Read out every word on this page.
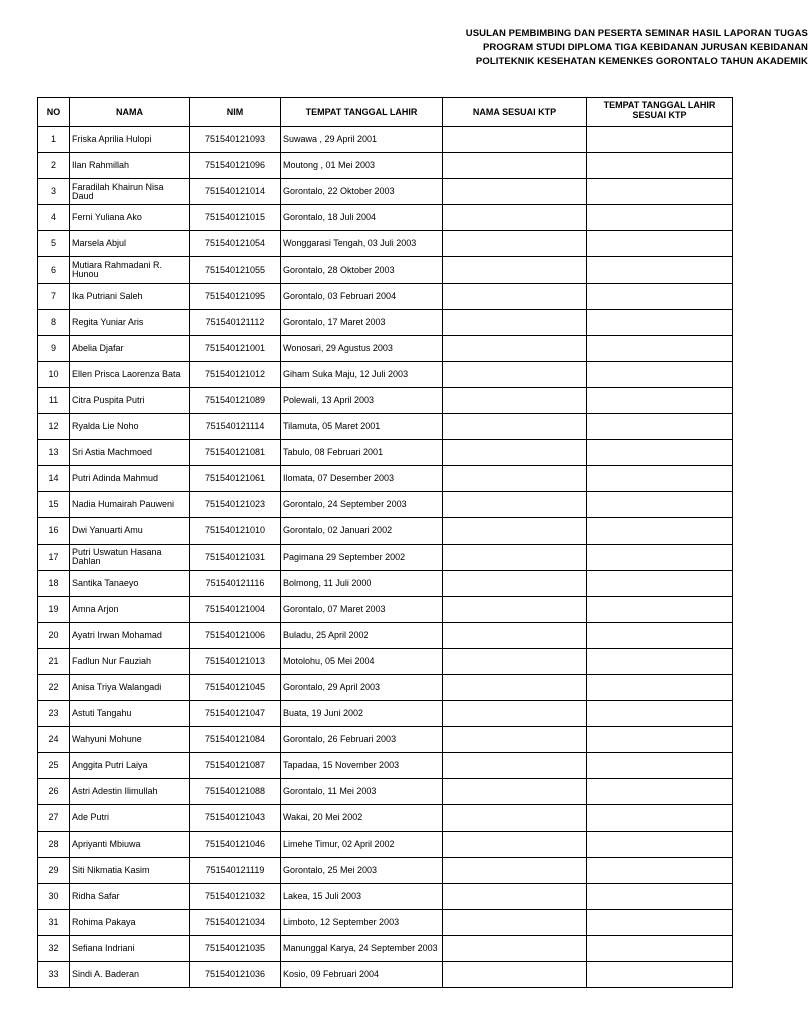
USULAN PEMBIMBING DAN PESERTA SEMINAR HASIL LAPORAN TUGAS
PROGRAM STUDI DIPLOMA TIGA KEBIDANAN JURUSAN KEBIDANAN
POLITEKNIK KESEHATAN KEMENKES GORONTALO TAHUN AKADEMIK
NO	NAMA	NIM	TEMPAT TANGGAL LAHIR	NAMA SESUAI KTP	TEMPAT TANGGAL LAHIR SESUAI KTP
1	Friska Aprilia Hulopi	751540121093	Suwawa , 29 April 2001		
2	Ilan Rahmillah	751540121096	Moutong , 01 Mei 2003		
3	Faradilah Khairun Nisa Daud	751540121014	Gorontalo, 22 Oktober 2003		
4	Ferni Yuliana Ako	751540121015	Gorontalo, 18 Juli 2004		
5	Marsela Abjul	751540121054	Wonggarasi Tengah, 03 Juli 2003		
6	Mutiara Rahmadani R. Hunou	751540121055	Gorontalo, 28 Oktober 2003		
7	Ika Putriani Saleh	751540121095	Gorontalo, 03 Februari 2004		
8	Regita Yuniar Aris	751540121112	Gorontalo, 17 Maret 2003		
9	Abelia Djafar	751540121001	Wonosari, 29 Agustus 2003		
10	Ellen Prisca Laorenza Bata	751540121012	Giham Suka Maju, 12 Juli 2003		
11	Citra Puspita Putri	751540121089	Polewali, 13 April 2003		
12	Ryalda Lie Noho	751540121114	Tilamuta, 05 Maret 2001		
13	Sri Astia Machmoed	751540121081	Tabulo, 08 Februari 2001		
14	Putri Adinda Mahmud	751540121061	Ilomata, 07 Desember 2003		
15	Nadia Humairah Pauweni	751540121023	Gorontalo, 24 September 2003		
16	Dwi Yanuarti Amu	751540121010	Gorontalo, 02 Januari 2002		
17	Putri Uswatun Hasana Dahlan	751540121031	Pagimana 29 September 2002		
18	Santika Tanaeyo	751540121116	Bolmong, 11 Juli 2000		
19	Amna Arjon	751540121004	Gorontalo, 07 Maret 2003		
20	Ayatri Irwan Mohamad	751540121006	Buladu, 25 April 2002		
21	Fadlun Nur Fauziah	751540121013	Motolohu, 05 Mei 2004		
22	Anisa Triya Walangadi	751540121045	Gorontalo, 29 April 2003		
23	Astuti Tangahu	751540121047	Buata, 19 Juni 2002		
24	Wahyuni Mohune	751540121084	Gorontalo, 26 Februari 2003		
25	Anggita Putri Laiya	751540121087	Tapadaa, 15 November 2003		
26	Astri Adestin Ilimullah	751540121088	Gorontalo, 11 Mei 2003		
27	Ade Putri	751540121043	Wakai, 20 Mei 2002		
28	Apriyanti Mbiuwa	751540121046	Limehe Timur, 02 April 2002		
29	Siti Nikmatia Kasim	751540121119	Gorontalo, 25 Mei 2003		
30	Ridha Safar	751540121032	Lakea, 15 Juli 2003		
31	Rohima Pakaya	751540121034	Limboto, 12 September 2003		
32	Sefiana Indriani	751540121035	Manunggal Karya, 24 September 2003		
33	Sindi A. Baderan	751540121036	Kosio, 09 Februari 2004		
